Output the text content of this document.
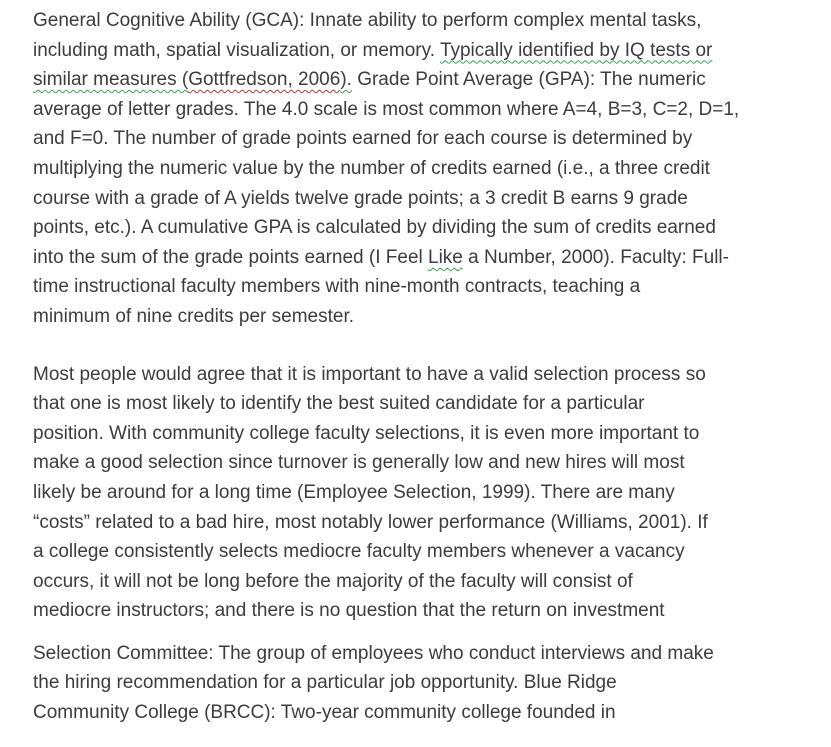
General Cognitive Ability (GCA): Innate ability to perform complex mental tasks,
including math, spatial visualization, or memory. Typically identified by IQ tests or
similar measures (Gottfredson, 2006). Grade Point Average (GPA): The numeric
average of letter grades. The 4.0 scale is most common where A=4, B=3, C=2, D=1,
and F=0. The number of grade points earned for each course is determined by
multiplying the numeric value by the number of credits earned (i.e., a three credit
course with a grade of A yields twelve grade points; a 3 credit B earns 9 grade
points, etc.). A cumulative GPA is calculated by dividing the sum of credits earned
into the sum of the grade points earned (I Feel Like a Number, 2000). Faculty: Full-
time instructional faculty members with nine-month contracts, teaching a
minimum of nine credits per semester.
Most people would agree that it is important to have a valid selection process so
that one is most likely to identify the best suited candidate for a particular
position. With community college faculty selections, it is even more important to
make a good selection since turnover is generally low and new hires will most
likely be around for a long time (Employee Selection, 1999). There are many
“costs” related to a bad hire, most notably lower performance (Williams, 2001). If
a college consistently selects mediocre faculty members whenever a vacancy
occurs, it will not be long before the majority of the faculty will consist of
mediocre instructors; and there is no question that the return on investment
Selection Committee: The group of employees who conduct interviews and make
the hiring recommendation for a particular job opportunity. Blue Ridge
Community College (BRCC): Two-year community college founded in
